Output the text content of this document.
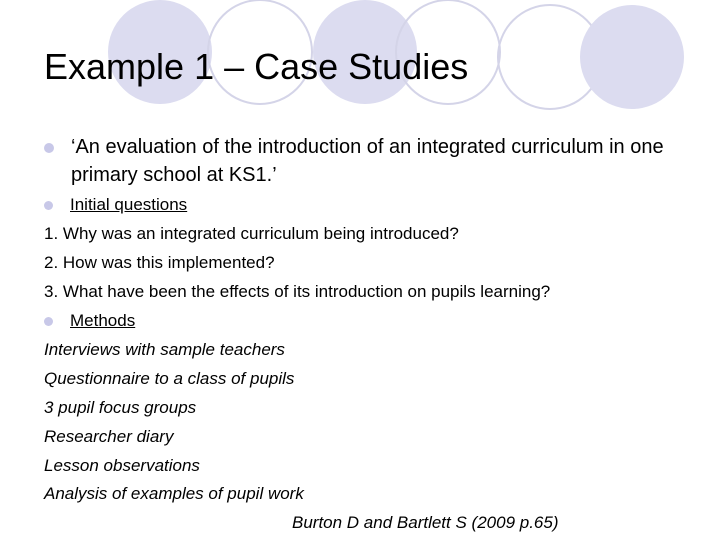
Example 1 – Case Studies
‘An evaluation of the introduction of an integrated curriculum in one primary school at KS1.’
Initial questions
1. Why was an integrated curriculum being introduced?
2. How was this implemented?
3. What have been the effects of its introduction on pupils learning?
Methods
Interviews with sample teachers
Questionnaire to a class of pupils
3 pupil focus groups
Researcher diary
Lesson observations
Analysis of examples of pupil work
Burton D and Bartlett S (2009 p.65)
